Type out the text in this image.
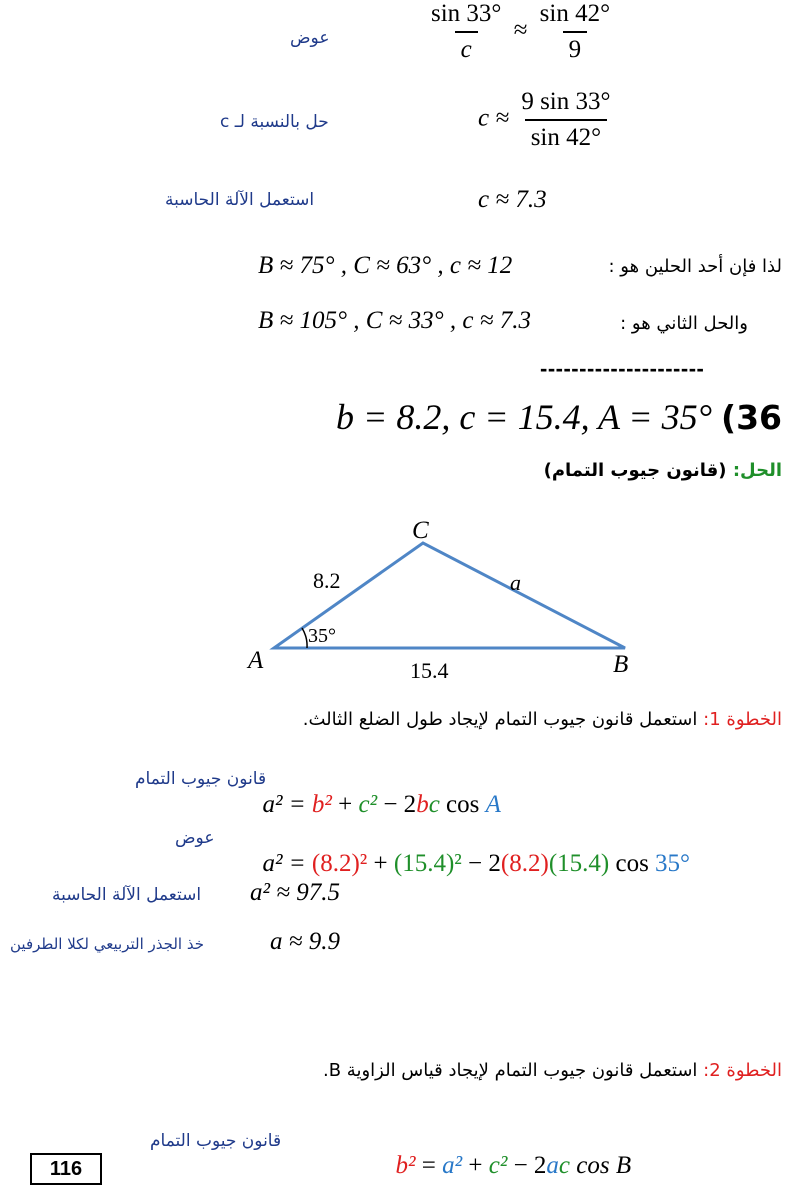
عوض	$\frac{\sin 33^\circ}{c} \approx \frac{\sin 42^\circ}{9}$
حل بالنسبة لـ c	$c \approx \frac{9 \sin 33^\circ}{\sin 42^\circ}$
استعمل الآلة الحاسبة	c ≈ 7.3
لذا فإن أحد الحلين هو :
B ≈ 75° , C ≈ 63° , c ≈ 12
والحل الثاني هو :
B ≈ 105° , C ≈ 33° , c ≈ 7.3
---------------------
b = 8.2, c = 15.4, A = 35° (36
الحل: (قانون جيوب التمام)
A	B
C
8.2
15.4
a
35°
الخطوة 1: استعمل قانون جيوب التمام لإيجاد طول الضلع الثالث.
قانون جيوب التمام

a² = b² + c² − 2bc cos A

عوض

a² = (8.2)² + (15.4)² − 2(8.2)(15.4) cos 35°

استعمل الآلة الحاسبة a² ≈ 97.5
خذ الجذر التربيعي لكلا الطرفين	a ≈ 9.9
الخطوة 2: استعمل قانون جيوب التمام لإيجاد قياس الزاوية B.
قانون جيوب التمام

b² = a² + c² − 2ac cos B

116
